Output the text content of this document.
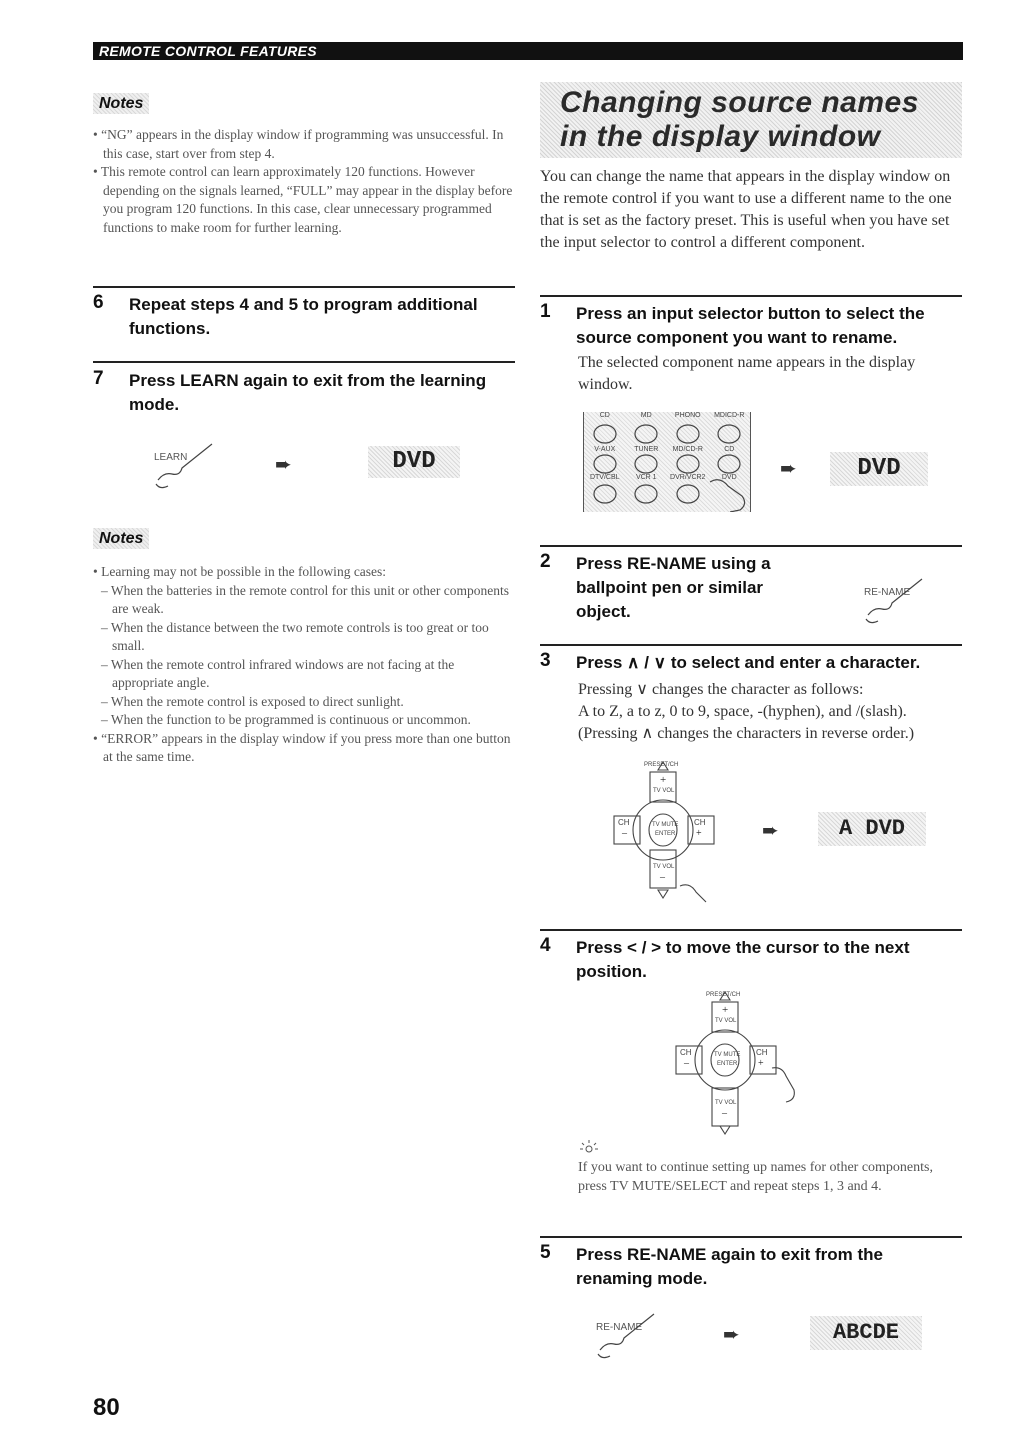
REMOTE CONTROL FEATURES
Notes
• “NG” appears in the display window if programming was unsuccessful. In this case, start over from step 4.
• This remote control can learn approximately 120 functions. However depending on the signals learned, “FULL” may appear in the display before you program 120 functions. In this case, clear unnecessary programmed functions to make room for further learning.
6 Repeat steps 4 and 5 to program additional functions.
7 Press LEARN again to exit from the learning mode.
LEARN	➨	DVD
Notes
• Learning may not be possible in the following cases:
– When the batteries in the remote control for this unit or other components are weak.
– When the distance between the two remote controls is too great or too small.
– When the remote control infrared windows are not facing at the appropriate angle.
– When the remote control is exposed to direct sunlight.
– When the function to be programmed is continuous or uncommon.
• “ERROR” appears in the display window if you press more than one button at the same time.
Changing source names in the display window
You can change the name that appears in the display window on the remote control if you want to use a different name to the one that is set as the factory preset. This is useful when you have set the input selector to control a different component.
1 Press an input selector button to select the source component you want to rename.
The selected component name appears in the display window.
CD	MD	PHONO	MDICD-R
V-AUX	TUNER	MD/CD-R	CD
DTV/CBL	VCR 1	DVR/VCR2	DVD	➨	DVD
2 Press RE-NAME using a ballpoint pen or similar object.
RE-NAME
3 Press ∧ / ∨ to select and enter a character.
Pressing ∨ changes the character as follows:
A to Z, a to z, 0 to 9, space, -(hyphen), and /(slash).
(Pressing ∧ changes the characters in reverse order.)
PRESET/CH
+
TV VOL
CH
–
CH
+
TV MUTE
ENTER
TV VOL
–
➨	A DVD
4 Press < / > to move the cursor to the next position.
PRESET/CH
+
TV VOL
CH
–
CH
+
TV MUTE
ENTER
TV VOL
–
If you want to continue setting up names for other components, press TV MUTE/SELECT and repeat steps 1, 3 and 4.
5 Press RE-NAME again to exit from the renaming mode.
RE-NAME	➨	ABCDE
80
